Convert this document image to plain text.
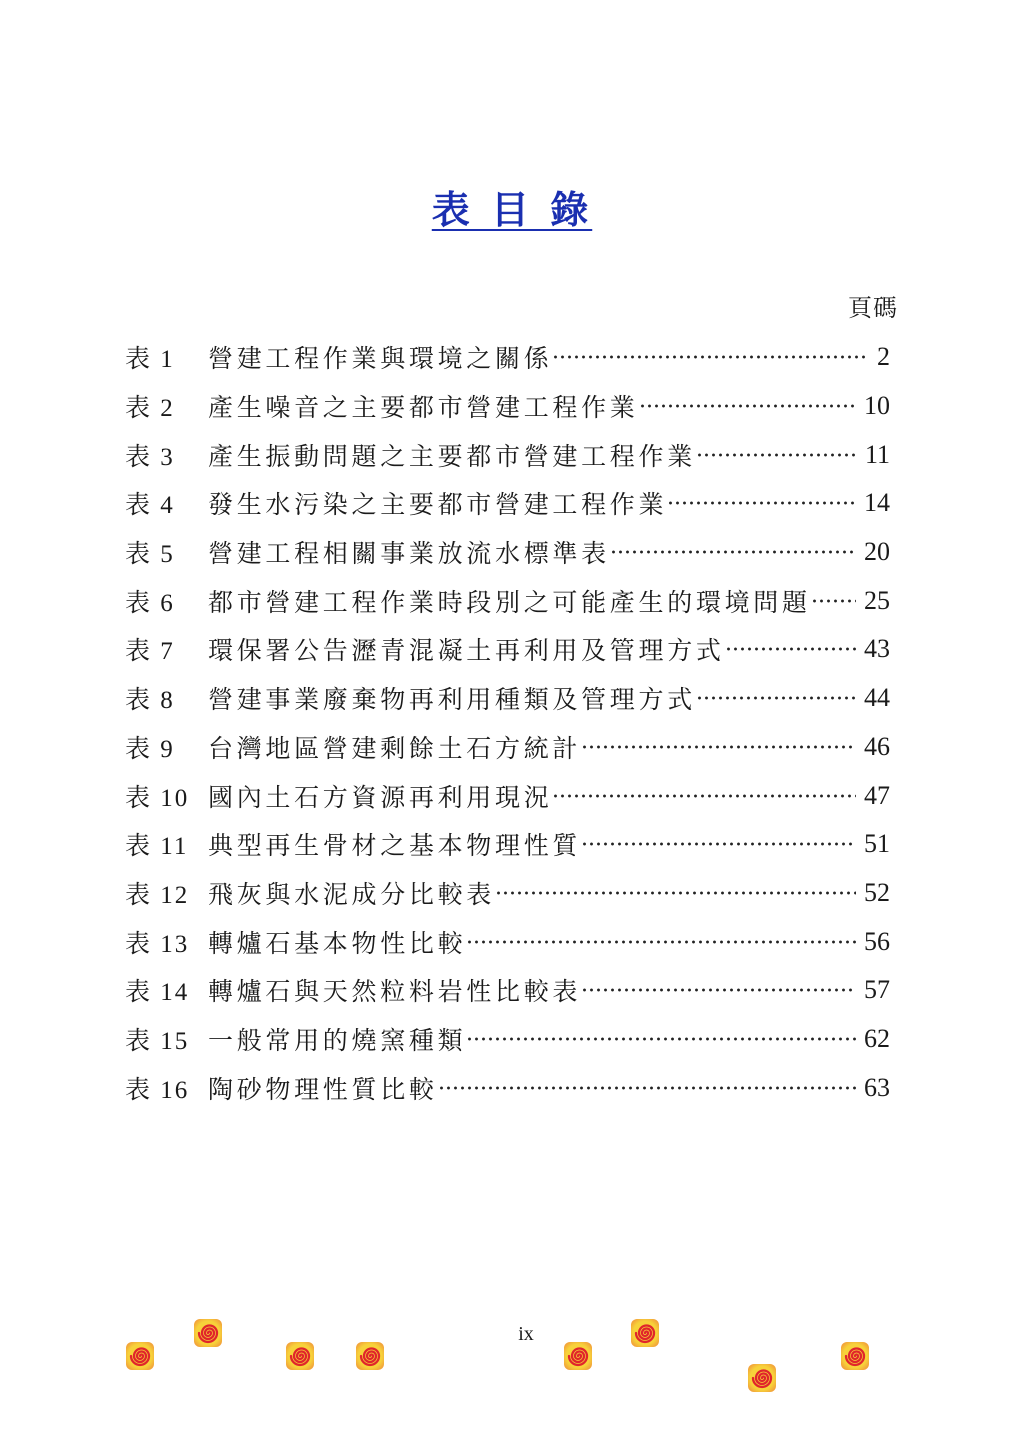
表 目 錄
頁碼
表 1	營建工程作業與環境之關係	2
表 2	產生噪音之主要都市營建工程作業	10
表 3	產生振動問題之主要都市營建工程作業	11
表 4	發生水污染之主要都市營建工程作業	14
表 5	營建工程相關事業放流水標準表	20
表 6	都市營建工程作業時段別之可能產生的環境問題	25
表 7	環保署公告瀝青混凝土再利用及管理方式	43
表 8	營建事業廢棄物再利用種類及管理方式	44
表 9	台灣地區營建剩餘土石方統計	46
表 10 國內土石方資源再利用現況	47
表 11 典型再生骨材之基本物理性質	51
表 12 飛灰與水泥成分比較表	52
表 13 轉爐石基本物性比較	56
表 14 轉爐石與天然粒料岩性比較表	57
表 15 一般常用的燒窯種類	62
表 16 陶砂物理性質比較	63
ix
